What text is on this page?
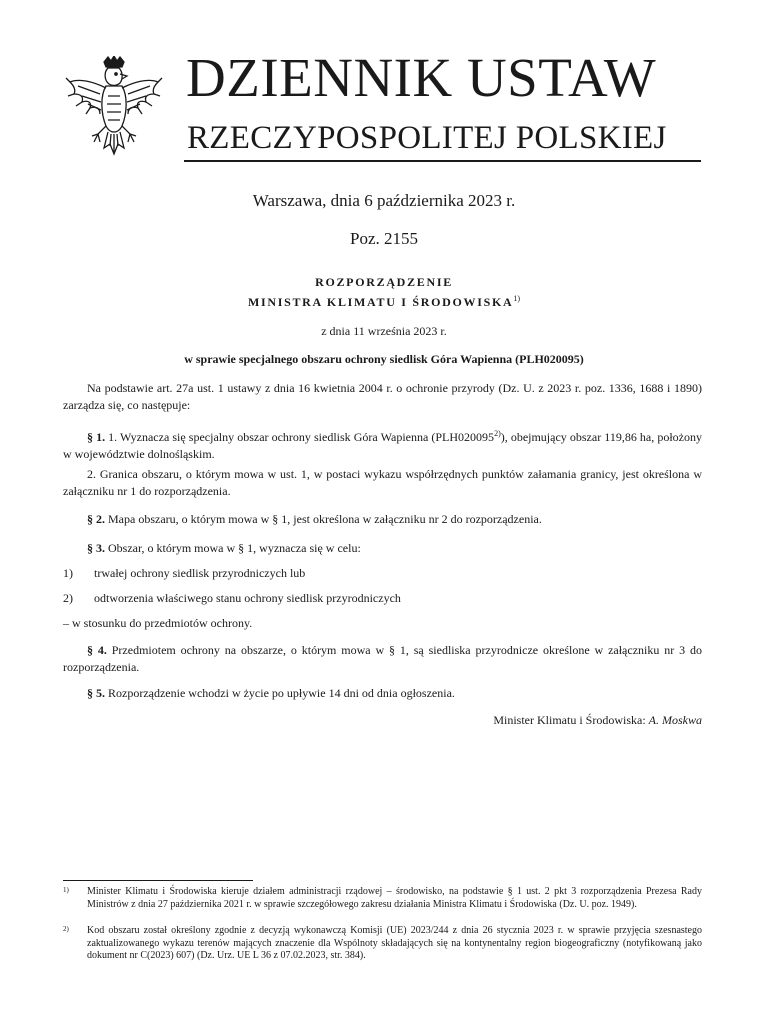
DZIENNIK USTAW
RZECZYPOSPOLITEJ POLSKIEJ
Warszawa, dnia 6 października 2023 r.
Poz. 2155
ROZPORZĄDZENIE
MINISTRA KLIMATU I ŚRODOWISKA$^{1)}$
z dnia 11 września 2023 r.
w sprawie specjalnego obszaru ochrony siedlisk Góra Wapienna (PLH020095)
Na podstawie art. 27a ust. 1 ustawy z dnia 16 kwietnia 2004 r. o ochronie przyrody (Dz. U. z 2023 r. poz. 1336, 1688 i 1890) zarządza się, co następuje:
§ 1. 1. Wyznacza się specjalny obszar ochrony siedlisk Góra Wapienna (PLH020095$^{2)}$), obejmujący obszar 119,86 ha, położony w województwie dolnośląskim.
2. Granica obszaru, o którym mowa w ust. 1, w postaci wykazu współrzędnych punktów załamania granicy, jest określona w załączniku nr 1 do rozporządzenia.
§ 2. Mapa obszaru, o którym mowa w § 1, jest określona w załączniku nr 2 do rozporządzenia.
§ 3. Obszar, o którym mowa w § 1, wyznacza się w celu:
1) trwałej ochrony siedlisk przyrodniczych lub
2) odtworzenia właściwego stanu ochrony siedlisk przyrodniczych
– w stosunku do przedmiotów ochrony.
§ 4. Przedmiotem ochrony na obszarze, o którym mowa w § 1, są siedliska przyrodnicze określone w załączniku nr 3 do rozporządzenia.
§ 5. Rozporządzenie wchodzi w życie po upływie 14 dni od dnia ogłoszenia.
Minister Klimatu i Środowiska: A. Moskwa
1) Minister Klimatu i Środowiska kieruje działem administracji rządowej – środowisko, na podstawie § 1 ust. 2 pkt 3 rozporządzenia Prezesa Rady Ministrów z dnia 27 października 2021 r. w sprawie szczegółowego zakresu działania Ministra Klimatu i Środowiska (Dz. U. poz. 1949).
2) Kod obszaru został określony zgodnie z decyzją wykonawczą Komisji (UE) 2023/244 z dnia 26 stycznia 2023 r. w sprawie przyjęcia szesnastego zaktualizowanego wykazu terenów mających znaczenie dla Wspólnoty składających się na kontynentalny region biogeograficzny (notyfikowaną jako dokument nr C(2023) 607) (Dz. Urz. UE L 36 z 07.02.2023, str. 384).
